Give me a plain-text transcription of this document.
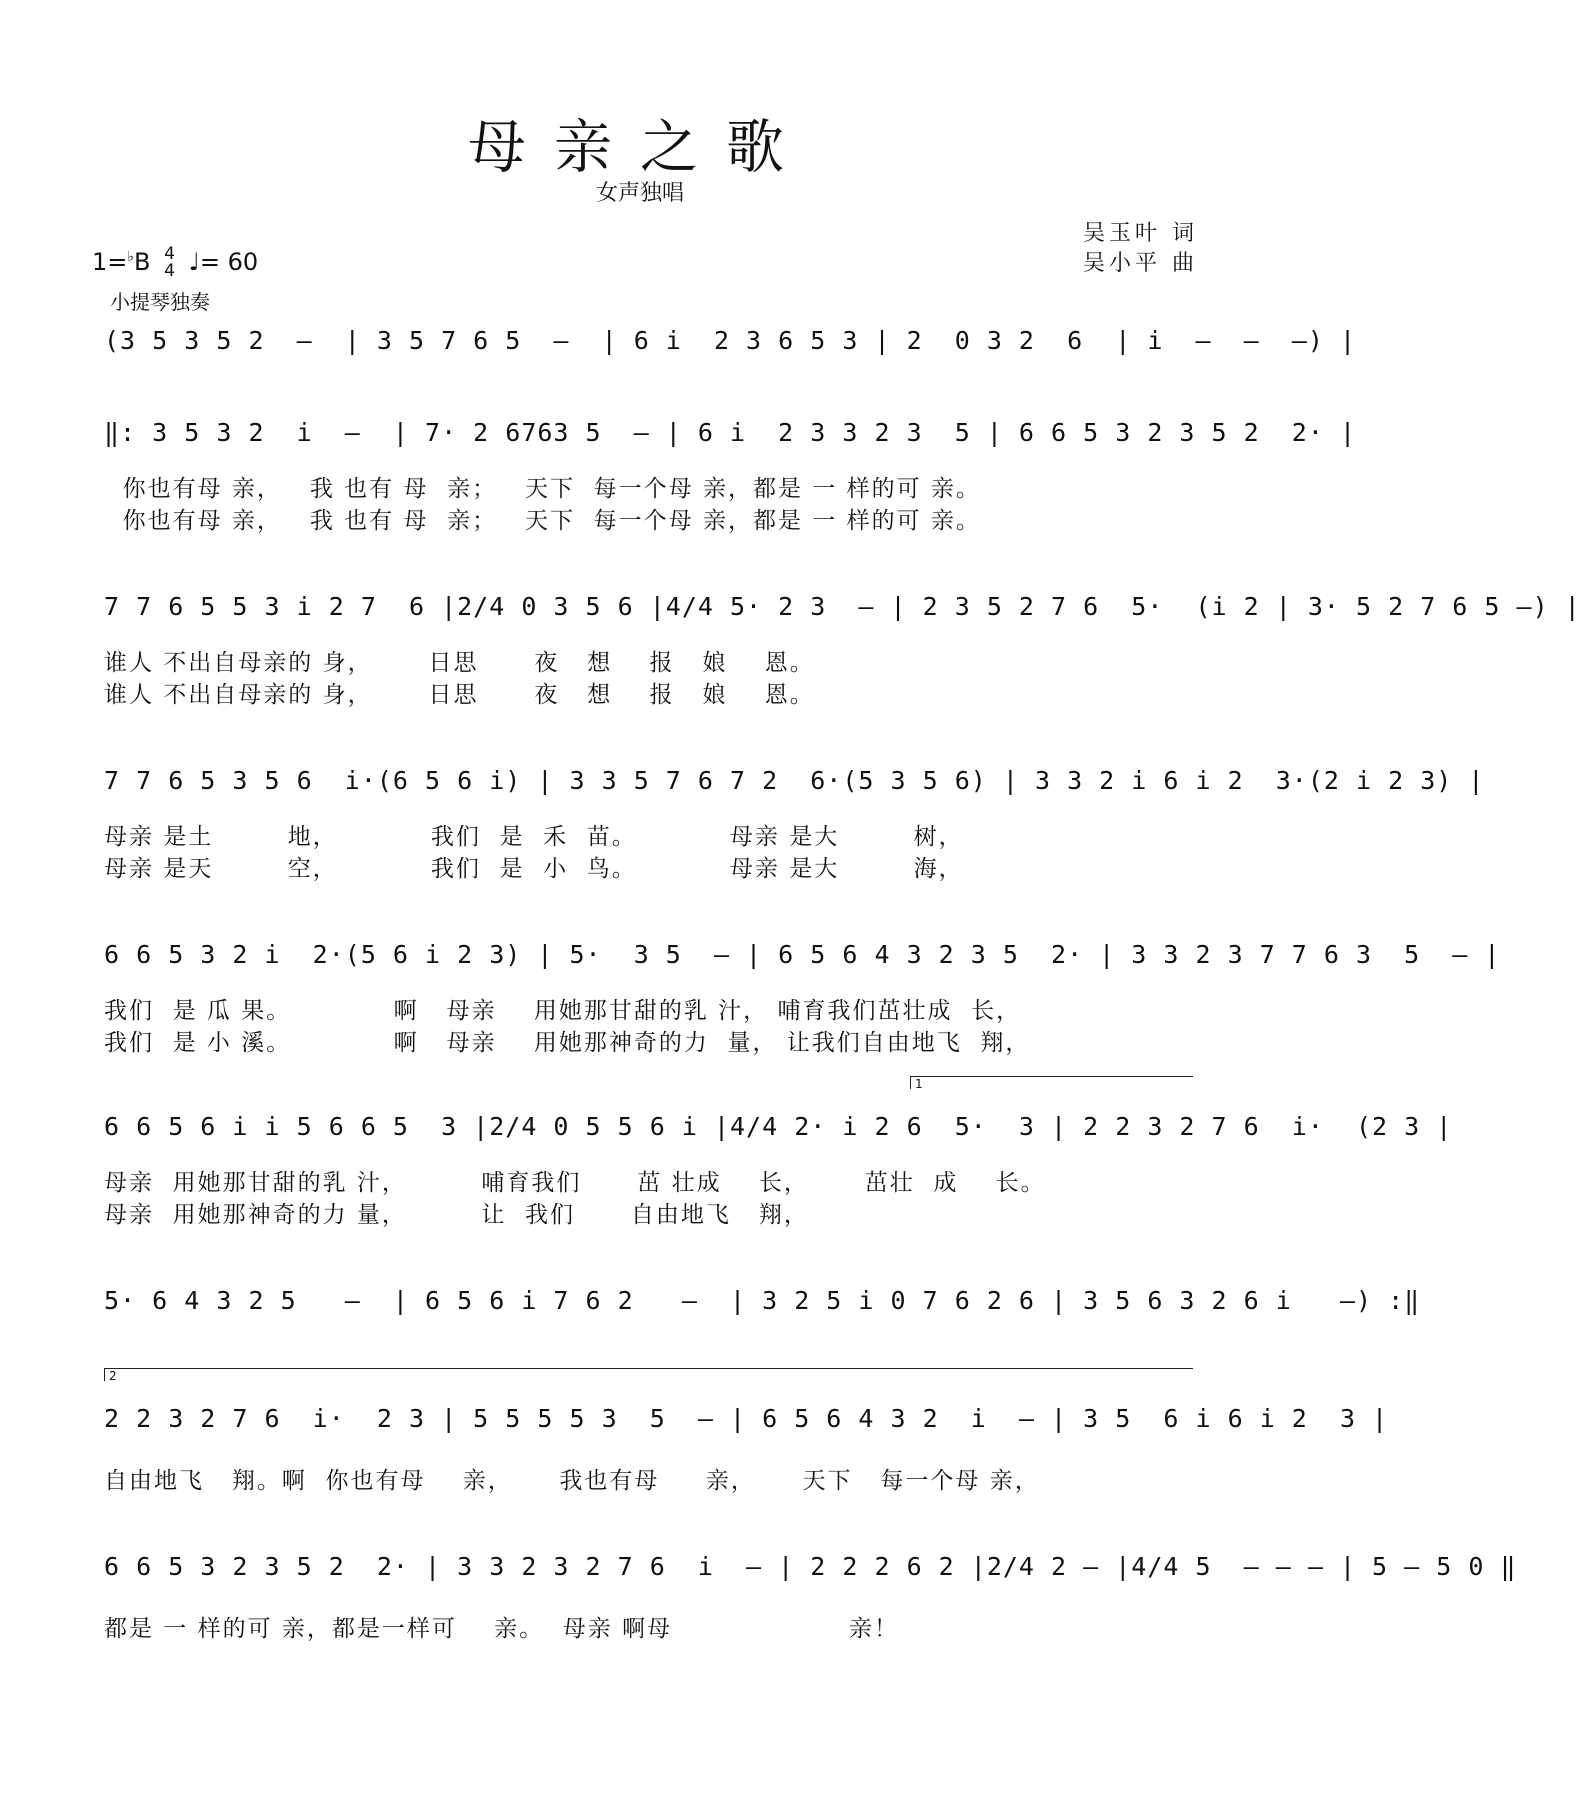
母亲之歌
女声独唱
吴玉叶 词
吴小平 曲
1=♭B 4
4 ♩= 60
小提琴独奏
(3 5 3 5 2  –  | 3 5 7 6 5  –  | 6 i  2 3 6 5 3 | 2  0 3 2  6  | i  –  –  –) |
‖: 3 5 3 2  i  –  | 7· 2 6763 5  – | 6 i  2 3 3 2 3  5 | 6 6 5 3 2 3 5 2  2· |
你也有母 亲，   我 也有 母  亲；   天下  每一个母 亲，都是 一 样的可 亲。
你也有母 亲，   我 也有 母  亲；   天下  每一个母 亲，都是 一 样的可 亲。
7 7 6 5 5 3 i 2 7  6 |2/4 0 3 5 6 |4/4 5· 2 3  – | 2 3 5 2 7 6  5·  (i 2 | 3· 5 2 7 6 5 –) |
谁人 不出自母亲的 身，      日思      夜   想    报   娘    恩。
谁人 不出自母亲的 身，      日思      夜   想    报   娘    恩。
7 7 6 5 3 5 6  i·(6 5 6 i) | 3 3 5 7 6 7 2  6·(5 3 5 6) | 3 3 2 i 6 i 2  3·(2 i 2 3) |
母亲 是土        地，          我们  是  禾  苗。          母亲 是大        树，
母亲 是天        空，          我们  是  小  鸟。          母亲 是大        海，
6 6 5 3 2 i  2·(5 6 i 2 3) | 5·  3 5  – | 6 5 6 4 3 2 3 5  2· | 3 3 2 3 7 7 6 3  5  – |
我们  是 瓜 果。           啊   母亲    用她那甘甜的乳 汁， 哺育我们茁壮成  长，
我们  是 小 溪。           啊   母亲    用她那神奇的力  量， 让我们自由地飞  翔，
1
6 6 5 6 i i 5 6 6 5  3 |2/4 0 5 5 6 i |4/4 2· i 2 6  5·  3 | 2 2 3 2 7 6  i·  (2 3 |
母亲  用她那甘甜的乳 汁，        哺育我们      茁 壮成    长，      茁壮  成    长。
母亲  用她那神奇的力 量，        让  我们      自由地飞   翔，
5· 6 4 3 2 5   –  | 6 5 6 i 7 6 2   –  | 3 2 5 i 0 7 6 2 6 | 3 5 6 3 2 6 i   –) :‖
2
2 2 3 2 7 6  i·  2 3 | 5 5 5 5 3  5  – | 6 5 6 4 3 2  i  – | 3 5  6 i 6 i 2  3 |
自由地飞   翔。啊  你也有母    亲，     我也有母     亲，     天下   每一个母 亲，
6 6 5 3 2 3 5 2  2· | 3 3 2 3 2 7 6  i  – | 2 2 2 6 2 |2/4 2 – |4/4 5  – – – | 5 – 5 0 ‖
都是 一 样的可 亲，都是一样可    亲。  母亲 啊母                   亲！
